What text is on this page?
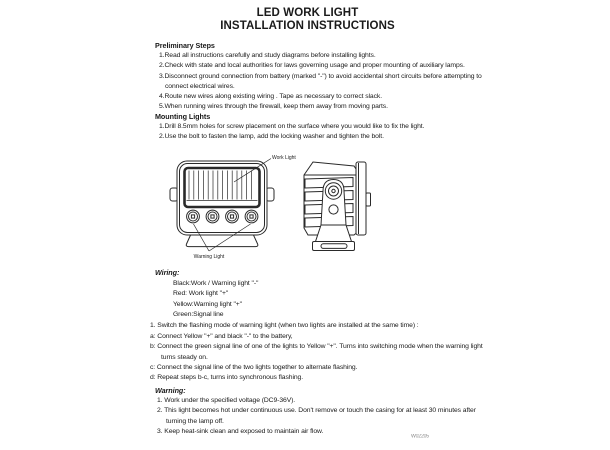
LED WORK LIGHT
INSTALLATION INSTRUCTIONS
Preliminary Steps
1.Read all instructions carefully and study diagrams before installing lights.
2.Check with state and local authorities for laws governing usage and proper mounting of auxiliary lamps.
3.Disconnect ground connection from battery (marked "-") to avoid accidental short circuits before attempting to connect electrical wires.
4.Route new wires along existing wiring . Tape as necessary to correct slack.
5.When running wires through the firewall, keep them away from moving parts.
Mounting Lights
1.Drill 8.5mm holes for screw placement on the surface where you would like to fix the light.
2.Use the bolt to fasten the lamp, add the locking washer and tighten the bolt.
Work Light
Warning Light
Wiring:
Black:Work / Warning light "-"
Red: Work light "+"
Yellow:Warning light "+"
Green:Signal line
1. Switch the flashing mode of warning light (when two lights are installed at the same time) :
a: Connect Yellow "+" and black "-" to the battery,
b: Connect the green signal line of one of the lights to Yellow "+". Turns into switching mode when the warning light turns steady on.
c: Connect the signal line of the two lights together to alternate flashing.
d: Repeat steps b-c, turns into synchronous flashing.
Warning:
1. Work under the specified voltage (DC9-36V).
2. This light becomes hot under continuous use. Don't remove or touch the casing for at least 30 minutes after turning the lamp off.
3. Keep heat-sink clean and exposed to maintain air flow.
W02205
